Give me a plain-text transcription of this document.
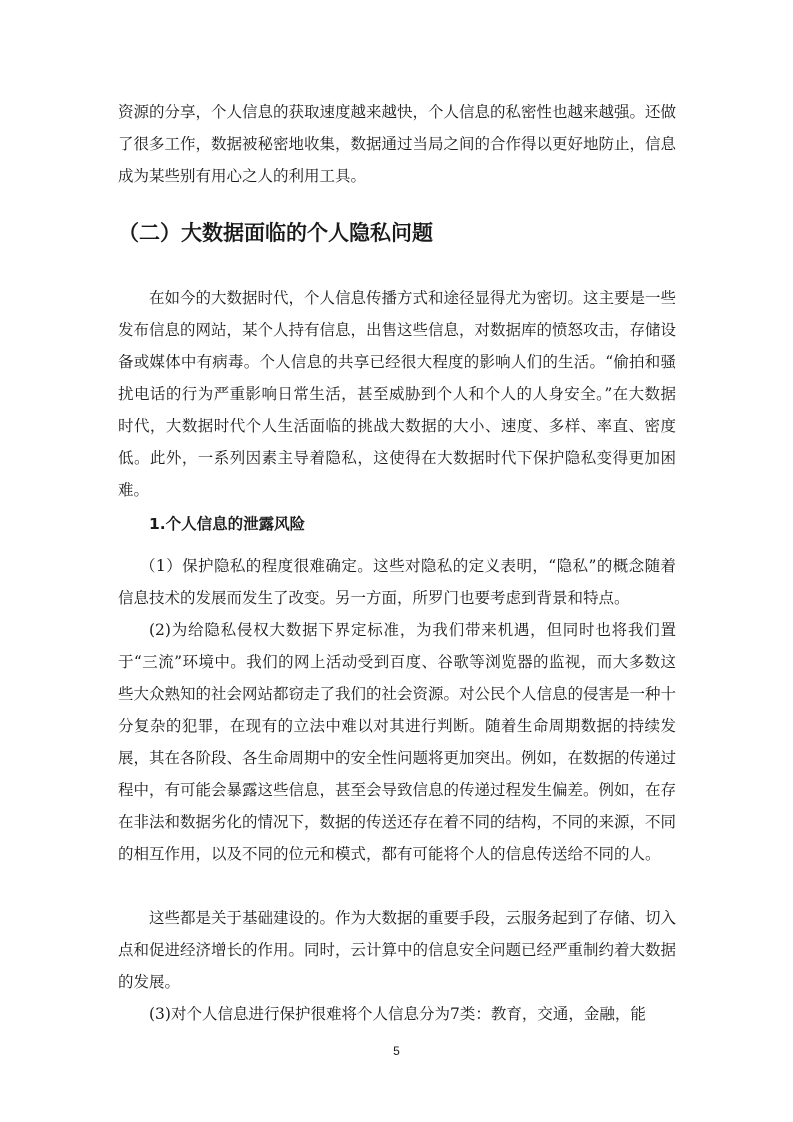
资源的分享，个人信息的获取速度越来越快，个人信息的私密性也越来越强。还做了很多工作，数据被秘密地收集，数据通过当局之间的合作得以更好地防止，信息成为某些别有用心之人的利用工具。

（二）大数据面临的个人隐私问题

在如今的大数据时代，个人信息传播方式和途径显得尤为密切。这主要是一些发布信息的网站，某个人持有信息，出售这些信息，对数据库的愤怒攻击，存储设备或媒体中有病毒。个人信息的共享已经很大程度的影响人们的生活。“偷拍和骚扰电话的行为严重影响日常生活，甚至威胁到个人和个人的人身安全。”在大数据时代，大数据时代个人生活面临的挑战大数据的大小、速度、多样、率直、密度低。此外，一系列因素主导着隐私，这使得在大数据时代下保护隐私变得更加困难。

1.个人信息的泄露风险

（1）保护隐私的程度很难确定。这些对隐私的定义表明，“隐私”的概念随着信息技术的发展而发生了改变。另一方面，所罗门也要考虑到背景和特点。

(2)为给隐私侵权大数据下界定标准，为我们带来机遇，但同时也将我们置于“三流”环境中。我们的网上活动受到百度、谷歌等浏览器的监视，而大多数这些大众熟知的社会网站都窃走了我们的社会资源。对公民个人信息的侵害是一种十分复杂的犯罪，在现有的立法中难以对其进行判断。随着生命周期数据的持续发展，其在各阶段、各生命周期中的安全性问题将更加突出。例如，在数据的传递过程中，有可能会暴露这些信息，甚至会导致信息的传递过程发生偏差。例如，在存在非法和数据劣化的情况下，数据的传送还存在着不同的结构，不同的来源，不同的相互作用，以及不同的位元和模式，都有可能将个人的信息传送给不同的人。

这些都是关于基础建设的。作为大数据的重要手段，云服务起到了存储、切入点和促进经济增长的作用。同时，云计算中的信息安全问题已经严重制约着大数据的发展。

(3)对个人信息进行保护很难将个人信息分为7类：教育，交通，金融，能

5
